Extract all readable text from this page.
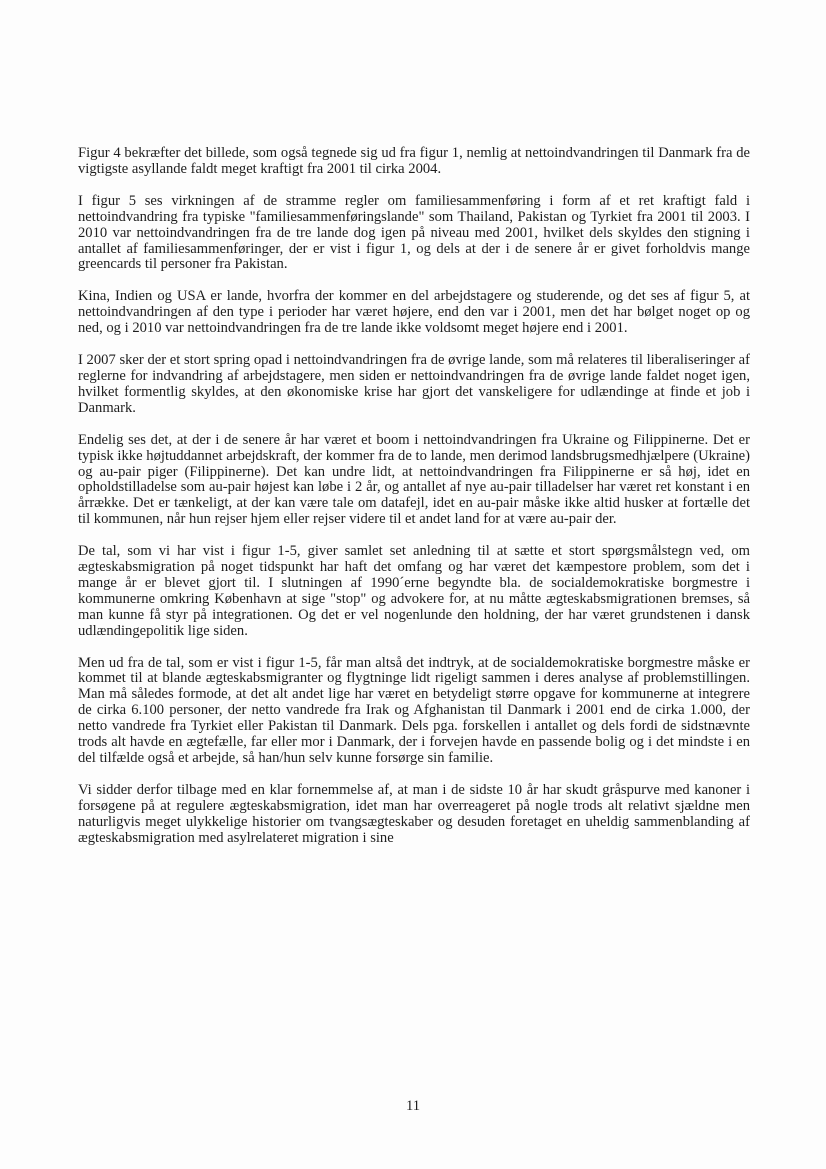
Figur 4 bekræfter det billede, som også tegnede sig ud fra figur 1, nemlig at nettoindvandringen til Danmark fra de vigtigste asyllande faldt meget kraftigt fra 2001 til cirka 2004.

I figur 5 ses virkningen af de stramme regler om familiesammenføring i form af et ret kraftigt fald i nettoindvandring fra typiske "familiesammenføringslande" som Thailand, Pakistan og Tyrkiet fra 2001 til 2003. I 2010 var nettoindvandringen fra de tre lande dog igen på niveau med 2001, hvilket dels skyldes den stigning i antallet af familiesammenføringer, der er vist i figur 1, og dels at der i de senere år er givet forholdvis mange greencards til personer fra Pakistan.

Kina, Indien og USA er lande, hvorfra der kommer en del arbejdstagere og studerende, og det ses af figur 5, at nettoindvandringen af den type i perioder har været højere, end den var i 2001, men det har bølget noget op og ned, og i 2010 var nettoindvandringen fra de tre lande ikke voldsomt meget højere end i 2001.

I 2007 sker der et stort spring opad i nettoindvandringen fra de øvrige lande, som må relateres til liberaliseringer af reglerne for indvandring af arbejdstagere, men siden er nettoindvandringen fra de øvrige lande faldet noget igen, hvilket formentlig skyldes, at den økonomiske krise har gjort det vanskeligere for udlændinge at finde et job i Danmark.

Endelig ses det, at der i de senere år har været et boom i nettoindvandringen fra Ukraine og Filippinerne. Det er typisk ikke højtuddannet arbejdskraft, der kommer fra de to lande, men derimod landsbrugsmedhjælpere (Ukraine) og au-pair piger (Filippinerne). Det kan undre lidt, at nettoindvandringen fra Filippinerne er så høj, idet en opholdstilladelse som au-pair højest kan løbe i 2 år, og antallet af nye au-pair tilladelser har været ret konstant i en årrække. Det er tænkeligt, at der kan være tale om datafejl, idet en au-pair måske ikke altid husker at fortælle det til kommunen, når hun rejser hjem eller rejser videre til et andet land for at være au-pair der.

De tal, som vi har vist i figur 1-5, giver samlet set anledning til at sætte et stort spørgsmålstegn ved, om ægteskabsmigration på noget tidspunkt har haft det omfang og har været det kæmpestore problem, som det i mange år er blevet gjort til. I slutningen af 1990´erne begyndte bla. de socialdemokratiske borgmestre i kommunerne omkring København at sige "stop" og advokere for, at nu måtte ægteskabsmigrationen bremses, så man kunne få styr på integrationen. Og det er vel nogenlunde den holdning, der har været grundstenen i dansk udlændingepolitik lige siden.

Men ud fra de tal, som er vist i figur 1-5, får man altså det indtryk, at de socialdemokratiske borgmestre måske er kommet til at blande ægteskabsmigranter og flygtninge lidt rigeligt sammen i deres analyse af problemstillingen. Man må således formode, at det alt andet lige har været en betydeligt større opgave for kommunerne at integrere de cirka 6.100 personer, der netto vandrede fra Irak og Afghanistan til Danmark i 2001 end de cirka 1.000, der netto vandrede fra Tyrkiet eller Pakistan til Danmark. Dels pga. forskellen i antallet og dels fordi de sidstnævnte trods alt havde en ægtefælle, far eller mor i Danmark, der i forvejen havde en passende bolig og i det mindste i en del tilfælde også et arbejde, så han/hun selv kunne forsørge sin familie.

Vi sidder derfor tilbage med en klar fornemmelse af, at man i de sidste 10 år har skudt gråspurve med kanoner i forsøgene på at regulere ægteskabsmigration, idet man har overreageret på nogle trods alt relativt sjældne men naturligvis meget ulykkelige historier om tvangsægteskaber og desuden foretaget en uheldig sammenblanding af ægteskabsmigration med asylrelateret migration i sine

11
